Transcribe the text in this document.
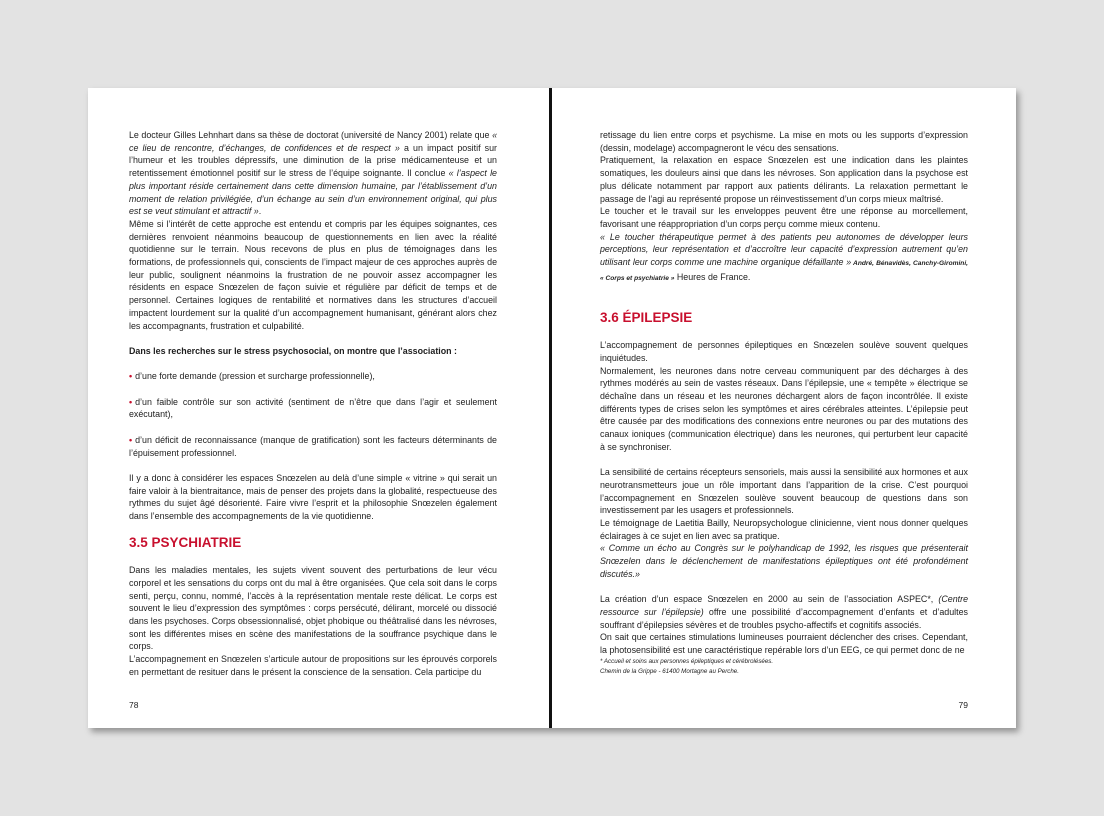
Le docteur Gilles Lehnhart dans sa thèse de doctorat (université de Nancy 2001) relate que « ce lieu de rencontre, d’échanges, de confidences et de respect » a un impact positif sur l’humeur et les troubles dépressifs, une diminution de la prise médicamenteuse et un retentissement émotionnel positif sur le stress de l’équipe soignante. Il conclue « l’aspect le plus important réside certainement dans cette dimension humaine, par l’établissement d’un moment de relation privilégiée, d’un échange au sein d’un environnement original, qui plus est se veut stimulant et attractif ».

Même si l’intérêt de cette approche est entendu et compris par les équipes soignantes, ces dernières renvoient néanmoins beaucoup de questionnements en lien avec la réalité quotidienne sur le terrain. Nous recevons de plus en plus de témoignages dans les formations, de professionnels qui, conscients de l’impact majeur de ces approches auprès de leur public, soulignent néanmoins la frustration de ne pouvoir assez accompagner les résidents en espace Snœzelen de façon suivie et régulière par déficit de temps et de personnel. Certaines logiques de rentabilité et normatives dans les structures d’accueil impactent lourdement sur la qualité d’un accompagnement humanisant, générant alors chez les accompagnants, frustration et culpabilité.

Dans les recherches sur le stress psychosocial, on montre que l’association :

• d’une forte demande (pression et surcharge professionnelle),

• d’un faible contrôle sur son activité (sentiment de n’être que dans l’agir et seulement exécutant),

• d’un déficit de reconnaissance (manque de gratification) sont les facteurs déterminants de l’épuisement professionnel.

Il y a donc à considérer les espaces Snœzelen au delà d’une simple « vitrine » qui serait un faire valoir à la bientraitance, mais de penser des projets dans la globalité, respectueuse des rythmes du sujet âgé désorienté. Faire vivre l’esprit et la philosophie Snœzelen également dans l’ensemble des accompagnements de la vie quotidienne.

3.5 PSYCHIATRIE

Dans les maladies mentales, les sujets vivent souvent des perturbations de leur vécu corporel et les sensations du corps ont du mal à être organisées. Que cela soit dans le corps senti, perçu, connu, nommé, l’accès à la représentation mentale reste délicat. Le corps est souvent le lieu d’expression des symptômes : corps persécuté, délirant, morcelé ou dissocié dans les psychoses. Corps obsessionnalisé, objet phobique ou théâtralisé dans les névroses, sont les différentes mises en scène des manifestations de la souffrance psychique dans le corps.

L’accompagnement en Snœzelen s’articule autour de propositions sur les éprouvés corporels en permettant de resituer dans le présent la conscience de la sensation. Cela participe du

78

retissage du lien entre corps et psychisme. La mise en mots ou les supports d’expression (dessin, modelage) accompagneront le vécu des sensations.

Pratiquement, la relaxation en espace Snœzelen est une indication dans les plaintes somatiques, les douleurs ainsi que dans les névroses. Son application dans la psychose est plus délicate notamment par rapport aux patients délirants. La relaxation permettant le passage de l’agi au représenté propose un réinvestissement d’un corps mieux maîtrisé.

Le toucher et le travail sur les enveloppes peuvent être une réponse au morcellement, favorisant une réappropriation d’un corps perçu comme mieux contenu.

« Le toucher thérapeutique permet à des patients peu autonomes de développer leurs perceptions, leur représentation et d’accroître leur capacité d’expression autrement qu’en utilisant leur corps comme une machine organique défaillante » André, Bénavidès, Canchy-Giromini, « Corps et psychiatrie » Heures de France.

3.6 ÉPILEPSIE

L’accompagnement de personnes épileptiques en Snœzelen soulève souvent quelques inquiétudes.

Normalement, les neurones dans notre cerveau communiquent par des décharges à des rythmes modérés au sein de vastes réseaux. Dans l’épilepsie, une « tempête » électrique se déchaîne dans un réseau et les neurones déchargent alors de façon incontrôlée. Il existe différents types de crises selon les symptômes et aires cérébrales atteintes. L’épilepsie peut être causée par des modifications des connexions entre neurones ou par des mutations des canaux ioniques (communication électrique) dans les neurones, qui perturbent leur capacité à se synchroniser.

La sensibilité de certains récepteurs sensoriels, mais aussi la sensibilité aux hormones et aux neurotransmetteurs joue un rôle important dans l’apparition de la crise. C’est pourquoi l’accompagnement en Snœzelen soulève souvent beaucoup de questions dans son investissement par les usagers et professionnels.

Le témoignage de Laetitia Bailly, Neuropsychologue clinicienne, vient nous donner quelques éclairages à ce sujet en lien avec sa pratique.

« Comme un écho au Congrès sur le polyhandicap de 1992, les risques que présenterait Snœzelen dans le déclenchement de manifestations épileptiques ont été profondément discutés.»

La création d’un espace Snœzelen en 2000 au sein de l’association ASPEC*, (Centre ressource sur l’épilepsie) offre une possibilité d’accompagnement d’enfants et d’adultes souffrant d’épilepsies sévères et de troubles psycho-affectifs et cognitifs associés.

On sait que certaines stimulations lumineuses pourraient déclencher des crises. Cependant, la photosensibilité est une caractéristique repérable lors d’un EEG, ce qui permet donc de ne

* Accueil et soins aux personnes épileptiques et cérébrolésées.

Chemin de la Grippe - 61400 Mortagne au Perche.

79
